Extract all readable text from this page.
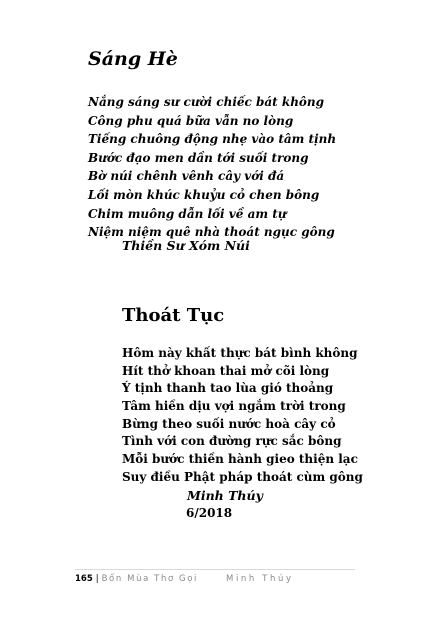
Sáng Hè
Nắng sáng sư cười chiếc bát không
Công phu quá bữa vẫn no lòng
Tiếng chuông động nhẹ vào tâm tịnh
Bước đạo men dần tới suối trong
Bờ núi chênh vênh cây với đá
Lối mòn khúc khuỷu cỏ chen bông
Chim muông dẫn lối về am tự
Niệm niệm quê nhà thoát ngục gông
Thiền Sư Xóm Núi
Thoát Tục
Hôm này khất thực bát bình không
Hít thở khoan thai mở cõi lòng
Ý tịnh thanh tao lùa gió thoảng
Tâm hiền dịu vợi ngắm trời trong
Bừng theo suối nước hoà cây cỏ
Tình với con đường rực sắc bông
Mỗi bước thiền hành gieo thiện lạc
Suy điều Phật pháp thoát cùm gông
Minh Thúy
6/2018
165 | Bốn Mùa Thơ Gọi	Minh Thúy
